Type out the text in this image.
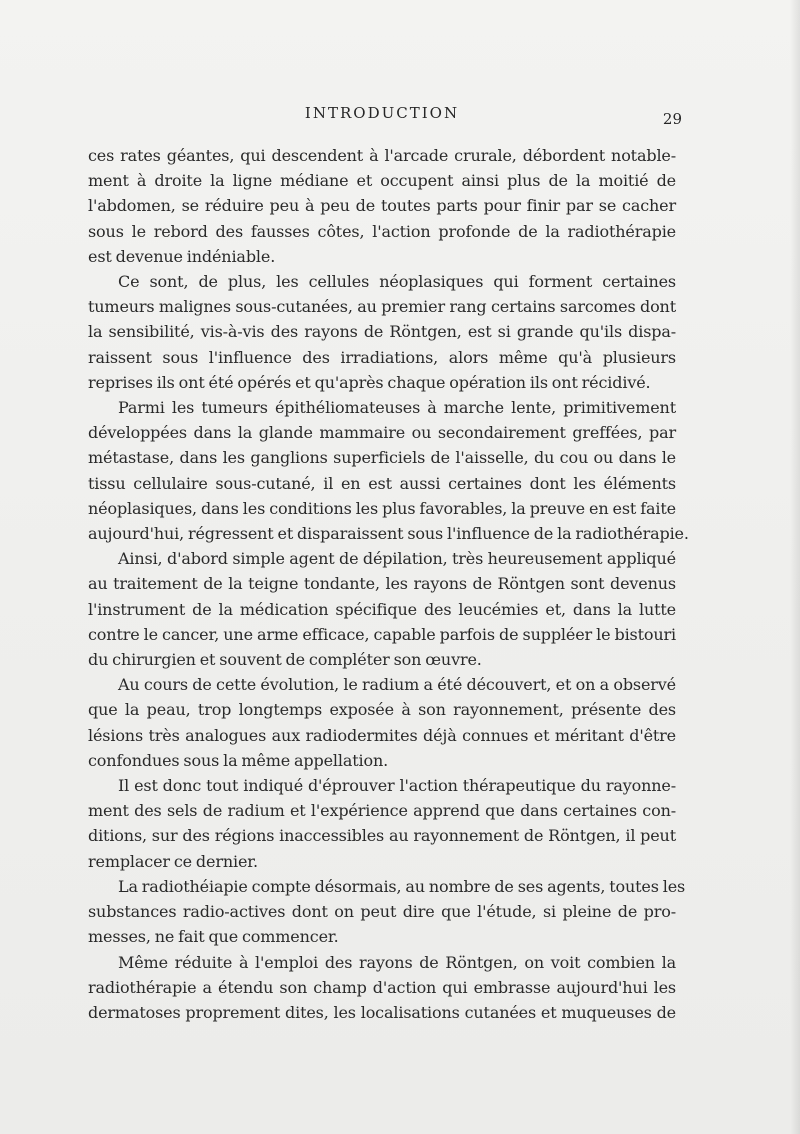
INTRODUCTION	29
ces rates géantes, qui descendent à l'arcade crurale, débordent notable-
ment à droite la ligne médiane et occupent ainsi plus de la moitié de
l'abdomen, se réduire peu à peu de toutes parts pour finir par se cacher
sous le rebord des fausses côtes, l'action profonde de la radiothérapie
est devenue indéniable.
Ce sont, de plus, les cellules néoplasiques qui forment certaines
tumeurs malignes sous-cutanées, au premier rang certains sarcomes dont
la sensibilité, vis-à-vis des rayons de Röntgen, est si grande qu'ils dispa-
raissent sous l'influence des irradiations, alors même qu'à plusieurs
reprises ils ont été opérés et qu'après chaque opération ils ont récidivé.
Parmi les tumeurs épithéliomateuses à marche lente, primitivement
développées dans la glande mammaire ou secondairement greffées, par
métastase, dans les ganglions superficiels de l'aisselle, du cou ou dans le
tissu cellulaire sous-cutané, il en est aussi certaines dont les éléments
néoplasiques, dans les conditions les plus favorables, la preuve en est faite
aujourd'hui, régressent et disparaissent sous l'influence de la radiothérapie.
Ainsi, d'abord simple agent de dépilation, très heureusement appliqué
au traitement de la teigne tondante, les rayons de Röntgen sont devenus
l'instrument de la médication spécifique des leucémies et, dans la lutte
contre le cancer, une arme efficace, capable parfois de suppléer le bistouri
du chirurgien et souvent de compléter son œuvre.
Au cours de cette évolution, le radium a été découvert, et on a observé
que la peau, trop longtemps exposée à son rayonnement, présente des
lésions très analogues aux radiodermites déjà connues et méritant d'être
confondues sous la même appellation.
Il est donc tout indiqué d'éprouver l'action thérapeutique du rayonne-
ment des sels de radium et l'expérience apprend que dans certaines con-
ditions, sur des régions inaccessibles au rayonnement de Röntgen, il peut
remplacer ce dernier.
La radiothéiapie compte désormais, au nombre de ses agents, toutes les
substances radio-actives dont on peut dire que l'étude, si pleine de pro-
messes, ne fait que commencer.
Même réduite à l'emploi des rayons de Röntgen, on voit combien la
radiothérapie a étendu son champ d'action qui embrasse aujourd'hui les
dermatoses proprement dites, les localisations cutanées et muqueuses de
